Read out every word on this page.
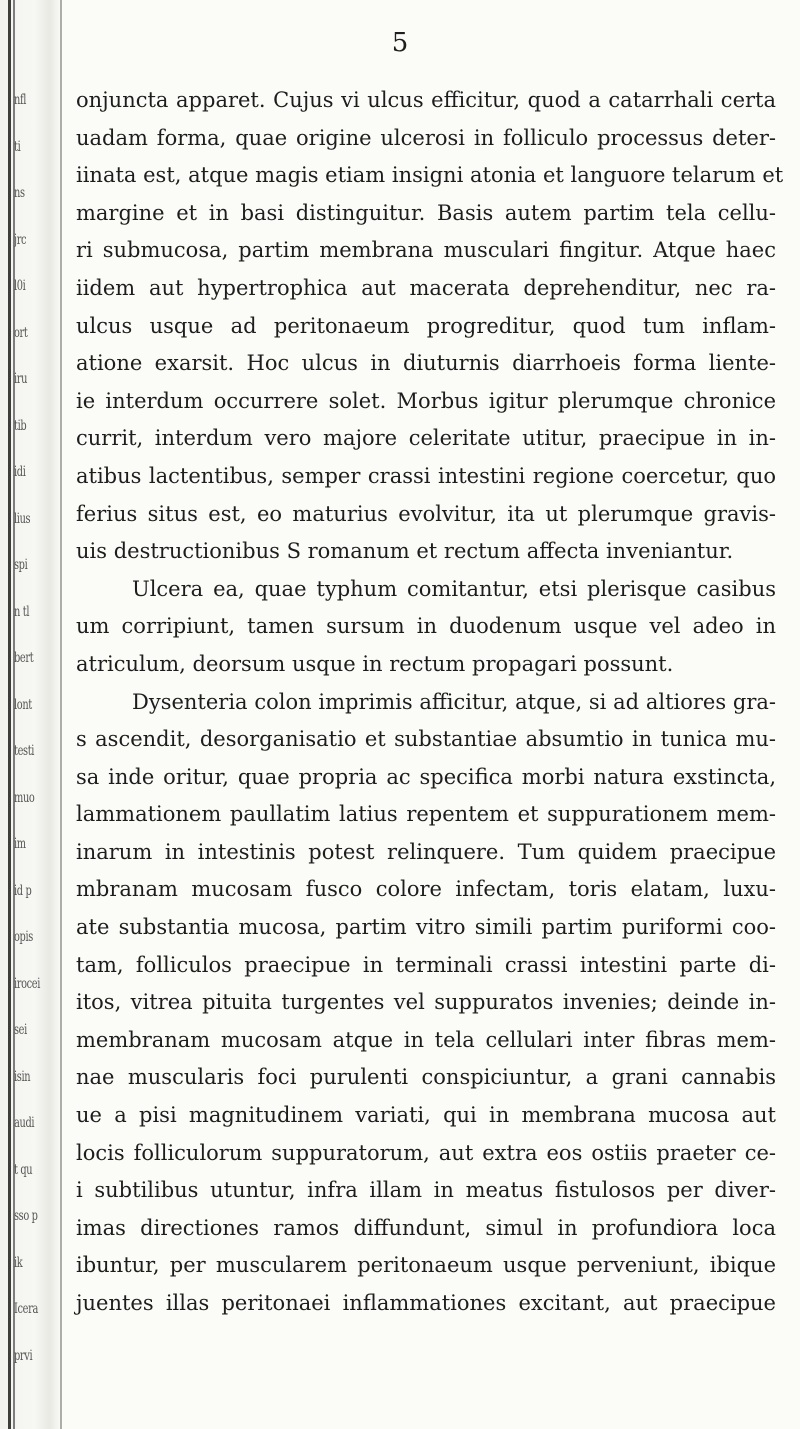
nfl
ti
ns
jrc
l0i
ort
iru
tib
idi
lius
spi
n tl
bert
lont
testi
muo
im
id p
opis
irocei
sei
isin
audi
t qu
sso p
ik
Icera
prvi
5
onjuncta apparet. Cujus vi ulcus efficitur, quod a catarrhali certa
uadam forma, quae origine ulcerosi in folliculo processus deter-
iinata est, atque magis etiam insigni atonia et languore telarum et
margine et in basi distinguitur. Basis autem partim tela cellu-
ri submucosa, partim membrana musculari fingitur. Atque haec
iidem aut hypertrophica aut macerata deprehenditur, nec ra-
ulcus usque ad peritonaeum progreditur, quod tum inflam-
atione exarsit. Hoc ulcus in diuturnis diarrhoeis forma liente-
ie interdum occurrere solet. Morbus igitur plerumque chronice
currit, interdum vero majore celeritate utitur, praecipue in in-
atibus lactentibus, semper crassi intestini regione coercetur, quo
ferius situs est, eo maturius evolvitur, ita ut plerumque gravis-
uis destructionibus S romanum et rectum affecta inveniantur.
Ulcera ea, quae typhum comitantur, etsi plerisque casibus
um corripiunt, tamen sursum in duodenum usque vel adeo in
atriculum, deorsum usque in rectum propagari possunt.
Dysenteria colon imprimis afficitur, atque, si ad altiores gra-
s ascendit, desorganisatio et substantiae absumtio in tunica mu-
sa inde oritur, quae propria ac specifica morbi natura exstincta,
lammationem paullatim latius repentem et suppurationem mem-
inarum in intestinis potest relinquere. Tum quidem praecipue
mbranam mucosam fusco colore infectam, toris elatam, luxu-
ate substantia mucosa, partim vitro simili partim puriformi coo-
tam, folliculos praecipue in terminali crassi intestini parte di-
itos, vitrea pituita turgentes vel suppuratos invenies; deinde in-
membranam mucosam atque in tela cellulari inter fibras mem-
nae muscularis foci purulenti conspiciuntur, a grani cannabis
ue a pisi magnitudinem variati, qui in membrana mucosa aut
locis folliculorum suppuratorum, aut extra eos ostiis praeter ce-
i subtilibus utuntur, infra illam in meatus fistulosos per diver-
imas directiones ramos diffundunt, simul in profundiora loca
ibuntur, per muscularem peritonaeum usque perveniunt, ibique
juentes illas peritonaei inflammationes excitant, aut praecipue
